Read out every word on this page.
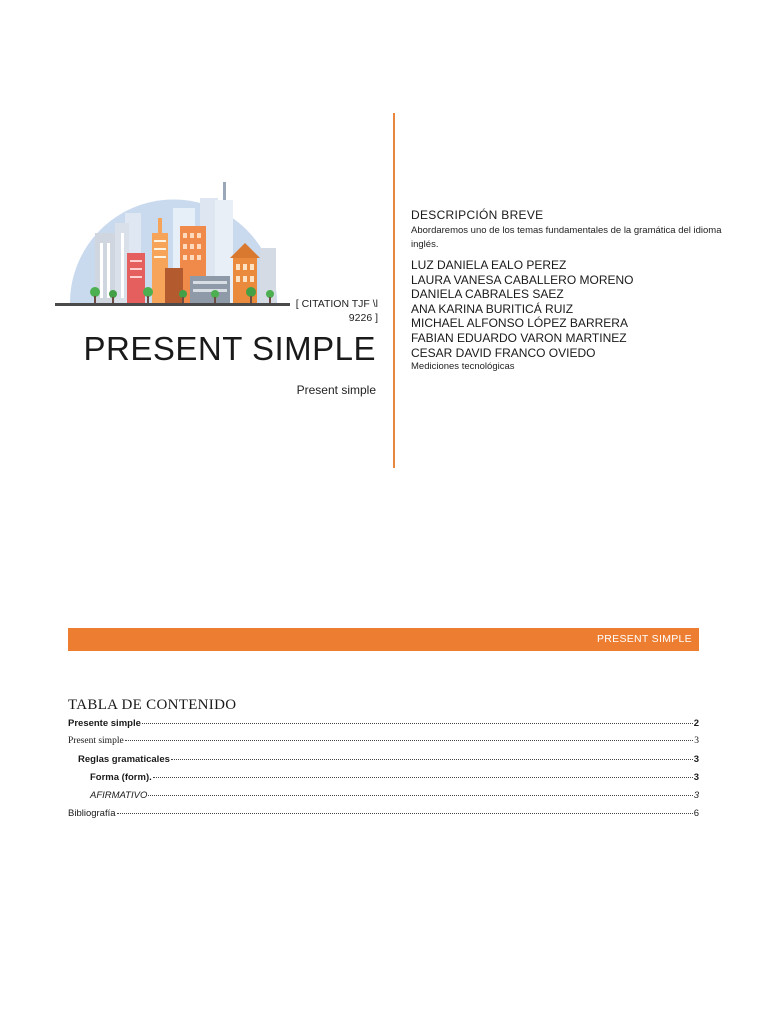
[ CITATION TJF \l
9226 ]
PRESENT SIMPLE
Present simple
DESCRIPCIÓN BREVE
Abordaremos uno de los temas fundamentales de la gramática del idioma inglés.
LUZ DANIELA EALO PEREZ
LAURA VANESA CABALLERO MORENO
DANIELA CABRALES SAEZ
ANA KARINA BURITICÁ RUIZ
MICHAEL ALFONSO LÓPEZ BARRERA
FABIAN EDUARDO VARON MARTINEZ
CESAR DAVID FRANCO OVIEDO
Mediciones tecnológicas
PRESENT SIMPLE
TABLA DE CONTENIDO
Presente simple	2
Present simple	3
Reglas gramaticales	3
Forma (form).	3
AFIRMATIVO	3
Bibliografía	6
